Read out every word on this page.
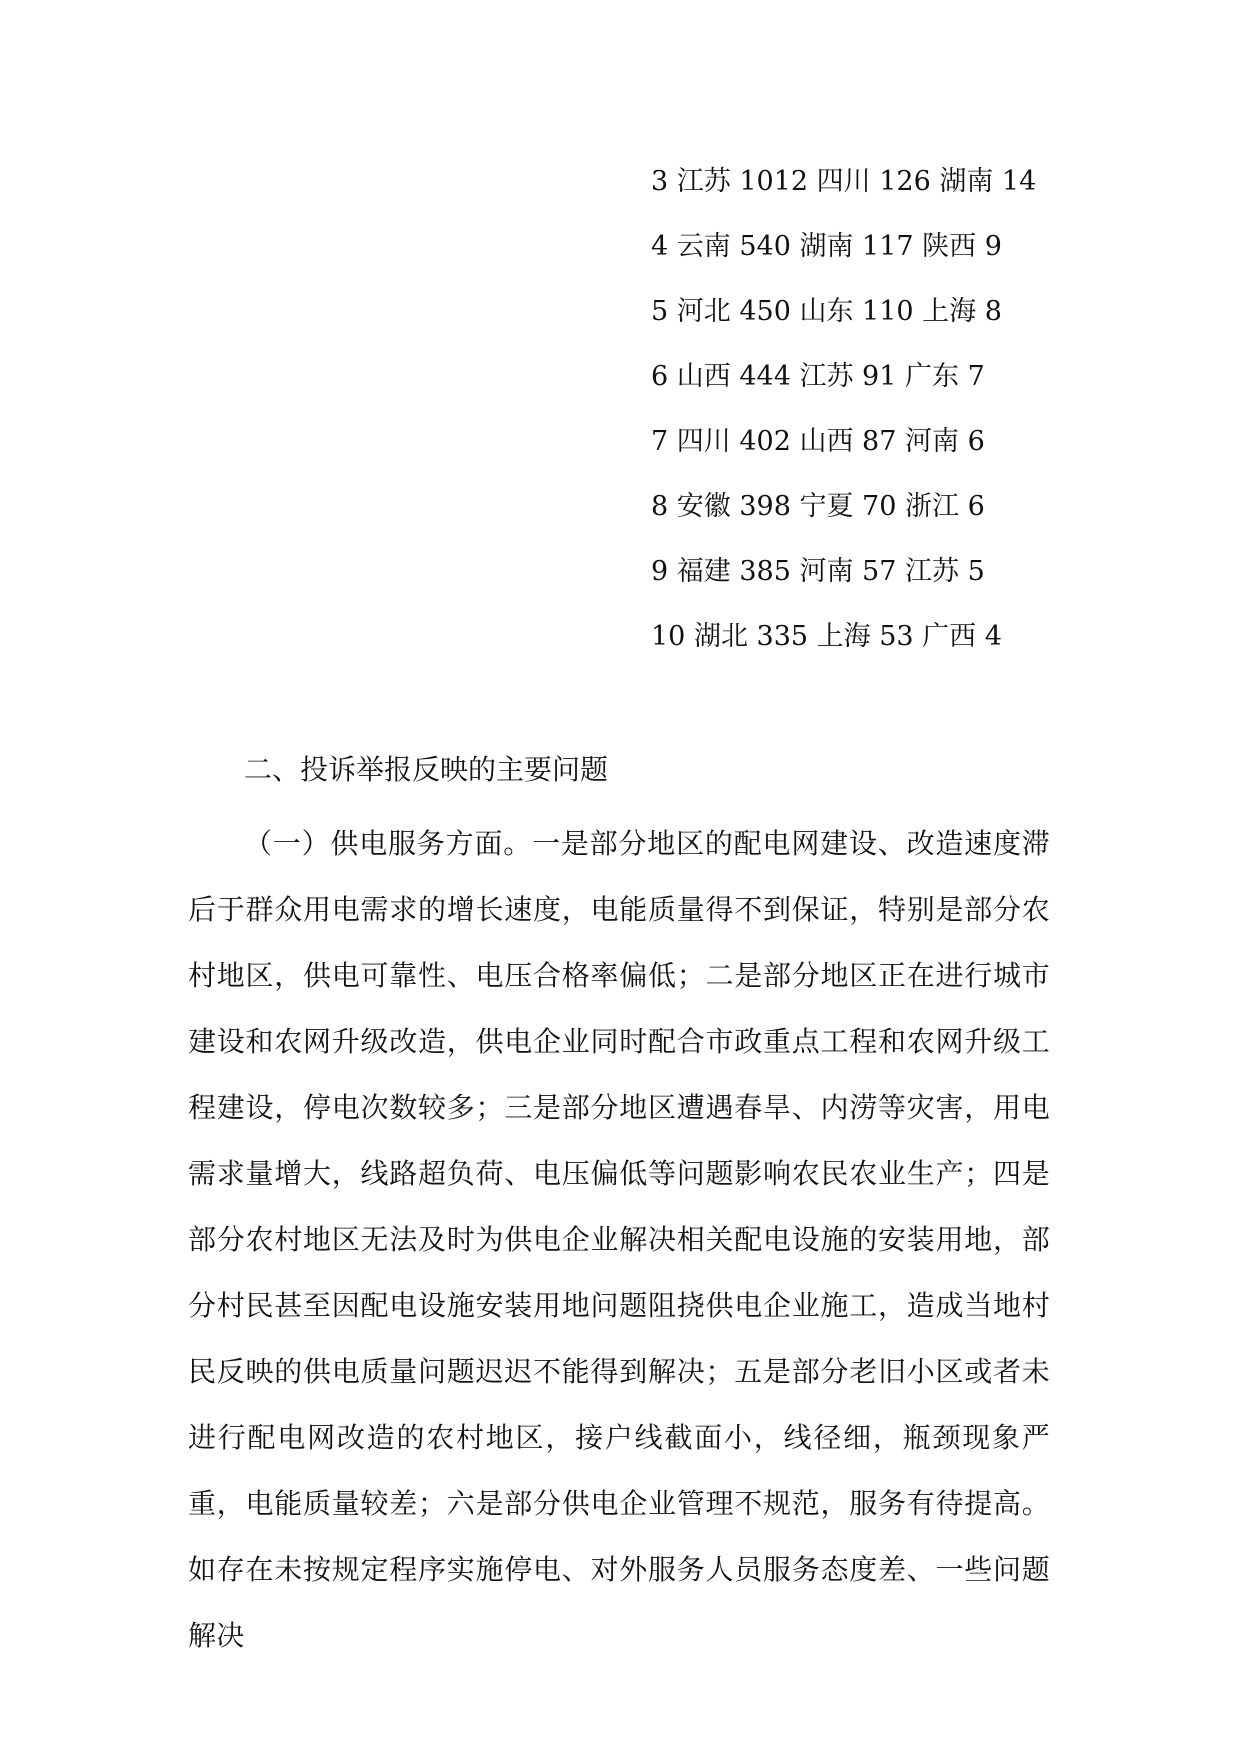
3 江苏 1012 四川 126 湖南 14
4 云南 540 湖南 117 陕西 9
5 河北 450 山东 110 上海 8
6 山西 444 江苏 91 广东 7
7 四川 402 山西 87 河南 6
8 安徽 398 宁夏 70 浙江 6
9 福建 385 河南 57 江苏 5
10 湖北 335 上海 53 广西 4
二、投诉举报反映的主要问题

（一）供电服务方面。一是部分地区的配电网建设、改造速度滞后于群众用电需求的增长速度，电能质量得不到保证，特别是部分农村地区，供电可靠性、电压合格率偏低；二是部分地区正在进行城市建设和农网升级改造，供电企业同时配合市政重点工程和农网升级工程建设，停电次数较多；三是部分地区遭遇春旱、内涝等灾害，用电需求量增大，线路超负荷、电压偏低等问题影响农民农业生产；四是部分农村地区无法及时为供电企业解决相关配电设施的安装用地，部分村民甚至因配电设施安装用地问题阻挠供电企业施工，造成当地村民反映的供电质量问题迟迟不能得到解决；五是部分老旧小区或者未进行配电网改造的农村地区，接户线截面小，线径细，瓶颈现象严重，电能质量较差；六是部分供电企业管理不规范，服务有待提高。如存在未按规定程序实施停电、对外服务人员服务态度差、一些问题解决
